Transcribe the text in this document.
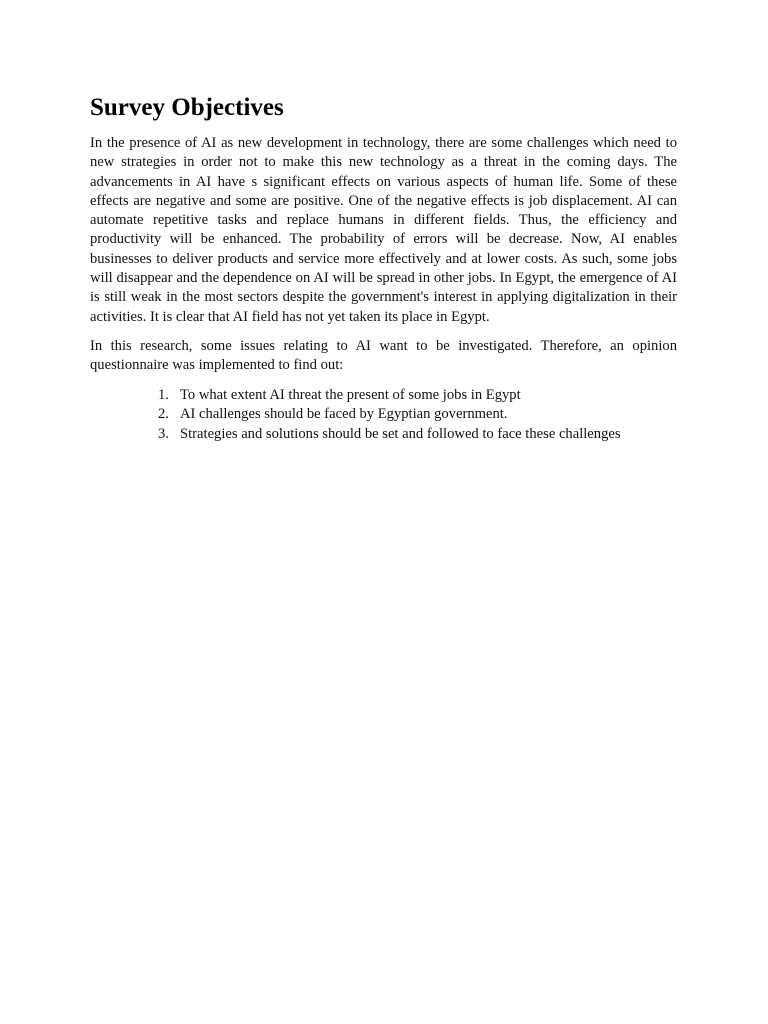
Survey Objectives

In the presence of AI as new development in technology, there are some challenges which need to new strategies in order not to make this new technology as a threat in the coming days. The advancements in AI have s significant effects on various aspects of human life. Some of these effects are negative and some are positive. One of the negative effects is job displacement. AI can automate repetitive tasks and replace humans in different fields. Thus, the efficiency and productivity will be enhanced. The probability of errors will be decrease. Now, AI enables businesses to deliver products and service more effectively and at lower costs. As such, some jobs will disappear and the dependence on AI will be spread in other jobs. In Egypt, the emergence of AI is still weak in the most sectors despite the government's interest in applying digitalization in their activities. It is clear that AI field has not yet taken its place in Egypt.

In this research, some issues relating to AI want to be investigated. Therefore, an opinion questionnaire was implemented to find out:

1. To what extent AI threat the present of some jobs in Egypt
2. AI challenges should be faced by Egyptian government.
3. Strategies and solutions should be set and followed to face these challenges
